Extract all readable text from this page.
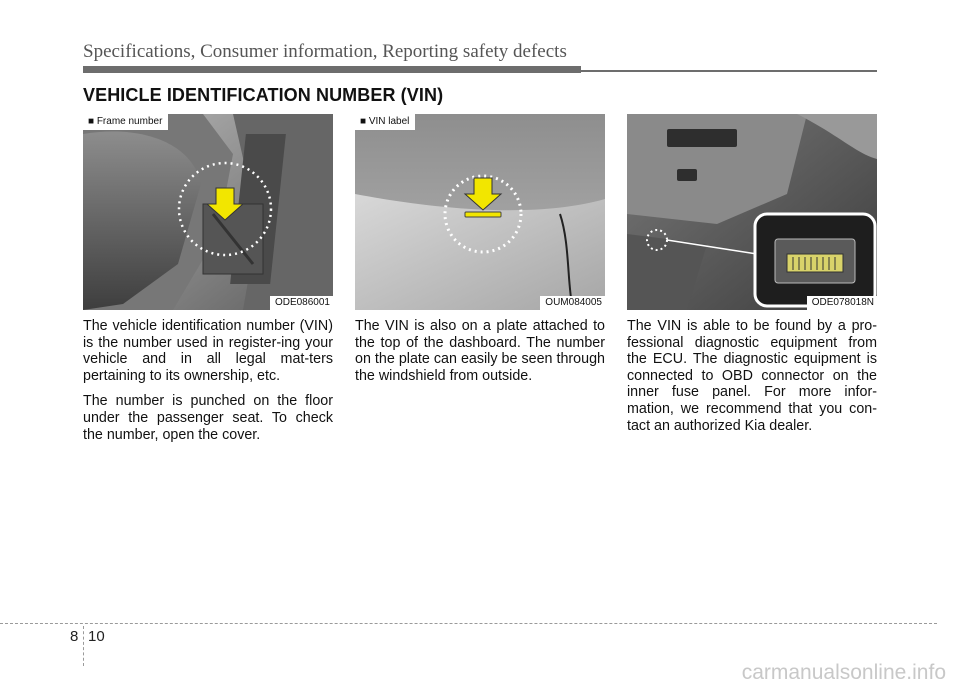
Specifications, Consumer information, Reporting safety defects
VEHICLE IDENTIFICATION NUMBER (VIN)
■ Frame number
ODE086001
■ VIN label
OUM084005	ODE078018N

The vehicle identification number (VIN) is the number used in register-ing your vehicle and in all legal mat-ters pertaining to its ownership, etc.

The number is punched on the floor under the passenger seat. To check the number, open the cover.

The VIN is also on a plate attached to the top of the dashboard. The number on the plate can easily be seen through the windshield from outside.

The VIN is able to be found by a pro-fessional diagnostic equipment from the ECU. The diagnostic equipment is connected to OBD connector on the inner fuse panel. For more infor-mation, we recommend that you con-tact an authorized Kia dealer.

8 10
carmanualsonline.info
